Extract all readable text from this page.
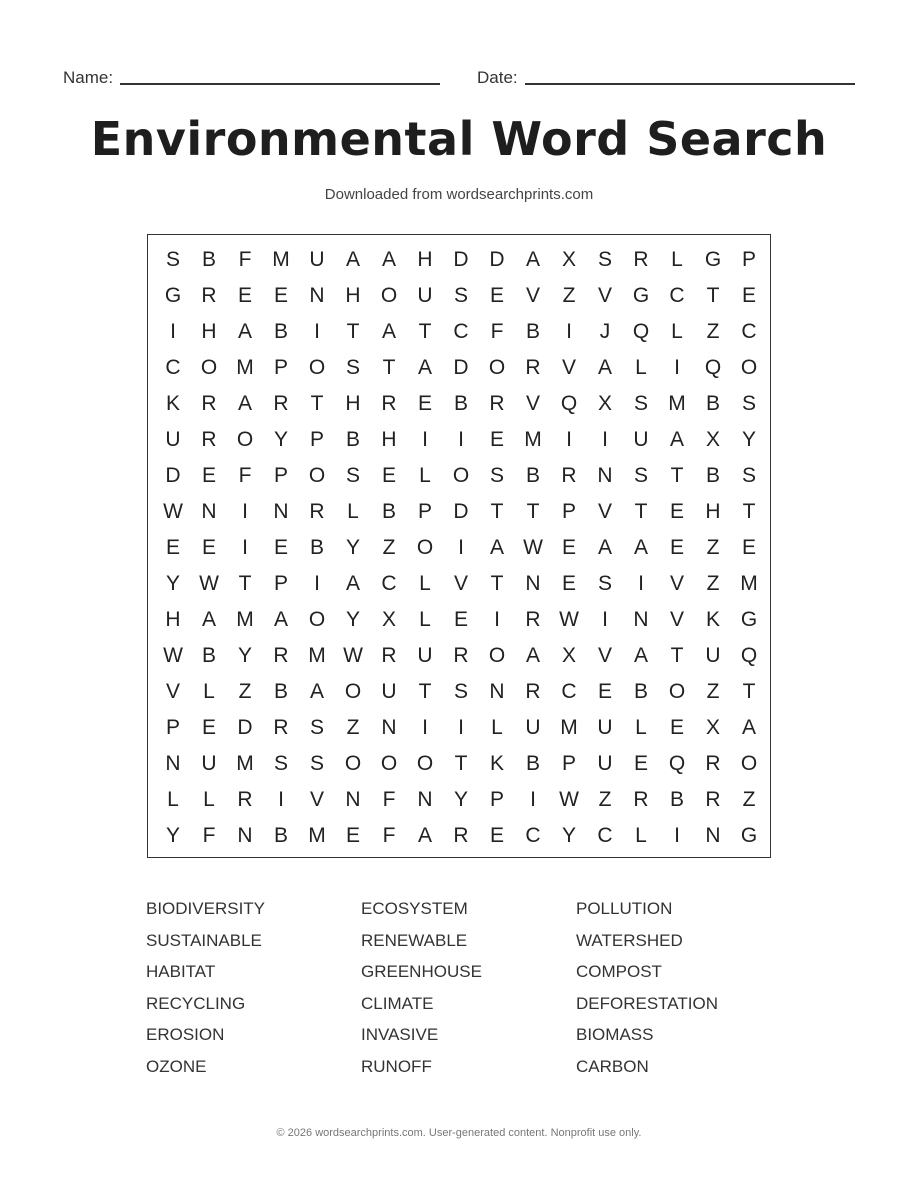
Name:	Date:
Environmental Word Search
Downloaded from wordsearchprints.com
S	B	F M U	A	A	H D D	A	X	S	R	L	G P
G R	E	E	N H O U	S	E	V	Z	V G C	T	E
I	H	A	B	I	T	A	T	C	F	B	I	J	Q	L	Z	C
C O M P O S	T	A	D O R	V	A	L	I	Q O
K	R	A	R	T	H R	E	B	R	V Q X	S M B	S
U R O Y	P	B	H	I	I	E M	I	I	U	A	X	Y
D	E	F	P O S	E	L	O S	B	R N	S	T	B	S
W N	I	N R	L	B	P	D	T	T	P	V	T	E	H	T
E	E	I	E	B	Y	Z	O	I	A W E	A	A	E	Z	E
Y W T	P	I	A	C	L	V	T	N	E	S	I	V	Z M
H	A M A O Y	X	L	E	I	R W	I	N	V	K G
W B	Y	R M W R U R O A	X	V	A	T	U Q
V	L	Z	B	A O U	T	S	N R C	E	B O	Z	T
P	E	D R	S	Z	N	I	I	L	U M U	L	E	X	A
N U M S	S O O O	T	K	B	P	U	E Q R O
L	L	R	I	V	N	F	N	Y	P	I	W Z	R	B	R	Z
Y	F	N	B M E	F	A	R	E	C	Y	C	L	I	N G
BIODIVERSITY	ECOSYSTEM	POLLUTION
SUSTAINABLE	RENEWABLE	WATERSHED
HABITAT	GREENHOUSE	COMPOST
RECYCLING	CLIMATE	DEFORESTATION
EROSION	INVASIVE	BIOMASS
OZONE	RUNOFF	CARBON
© 2026 wordsearchprints.com. User-generated content. Nonprofit use only.
